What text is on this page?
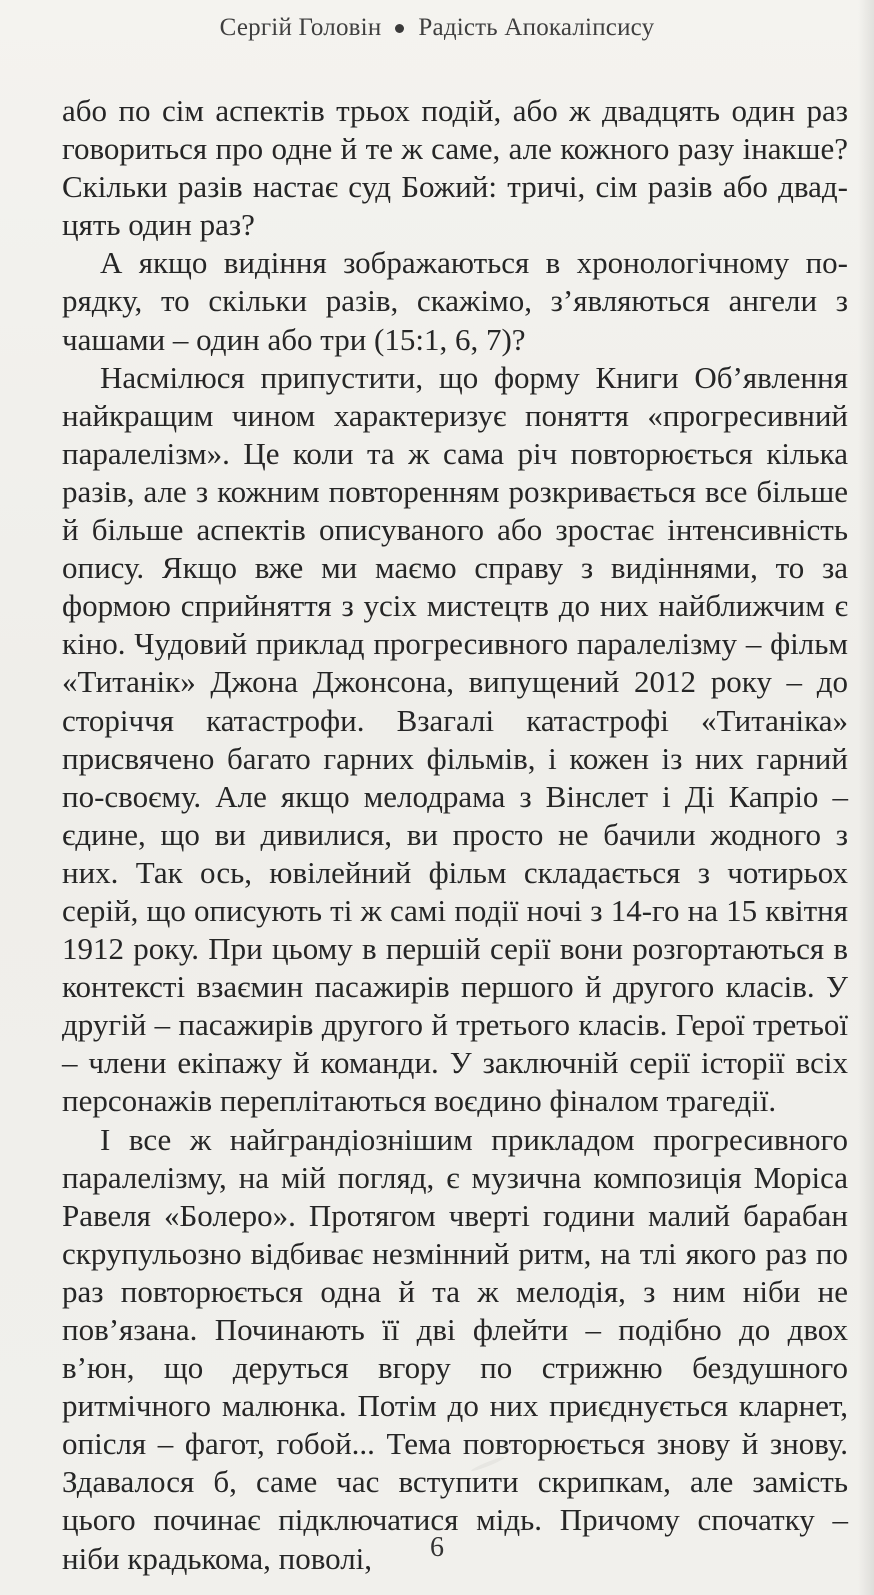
Сергій Головін Радість Апокаліпсису

або по сім аспектів трьох подій, або ж двадцять один раз говориться про одне й те ж саме, але кожного разу інакше? Скільки разів настає суд Божий: тричі, сім разів або двадцять один раз?

А якщо видіння зображаються в хронологічному порядку, то скільки разів, скажімо, з’являються ангели з чашами – один або три (15:1, 6, 7)?

Насмілюся припустити, що форму Книги Об’явлення найкращим чином характеризує поняття «прогресивний паралелізм». Це коли та ж сама річ повторюється кілька разів, але з кожним повторенням розкривається все більше й більше аспектів описуваного або зростає інтенсивність опису. Якщо вже ми маємо справу з видіннями, то за формою сприйняття з усіх мистецтв до них найближчим є кіно. Чудовий приклад прогресивного паралелізму – фільм «Титанік» Джона Джонсона, випущений 2012 року – до сторіччя катастрофи. Взагалі катастрофі «Титаніка» присвячено багато гарних фільмів, і кожен із них гарний по-своєму. Але якщо мелодрама з Вінслет і Ді Капріо – єдине, що ви дивилися, ви просто не бачили жодного з них. Так ось, ювілейний фільм складається з чотирьох серій, що описують ті ж самі події ночі з 14-го на 15 квітня 1912 року. При цьому в першій серії вони розгортаються в контексті взаємин пасажирів першого й другого класів. У другій – пасажирів другого й третього класів. Герої третьої – члени екіпажу й команди. У заключній серії історії всіх персонажів переплітаються воєдино фіналом трагедії.

І все ж найграндіознішим прикладом прогресивного паралелізму, на мій погляд, є музична композиція Моріса Равеля «Болеро». Протягом чверті години малий барабан скрупульозно відбиває незмінний ритм, на тлі якого раз по раз повторюється одна й та ж мелодія, з ним ніби не пов’язана. Починають її дві флейти – подібно до двох в’юн, що деруться вгору по стрижню бездушного ритмічного малюнка. Потім до них приєднується кларнет, опісля – фагот, гобой... Тема повторюється знову й знову. Здавалося б, саме час вступити скрипкам, але замість цього починає підключатися мідь. Причому спочатку – ніби крадькома, поволі,	6
